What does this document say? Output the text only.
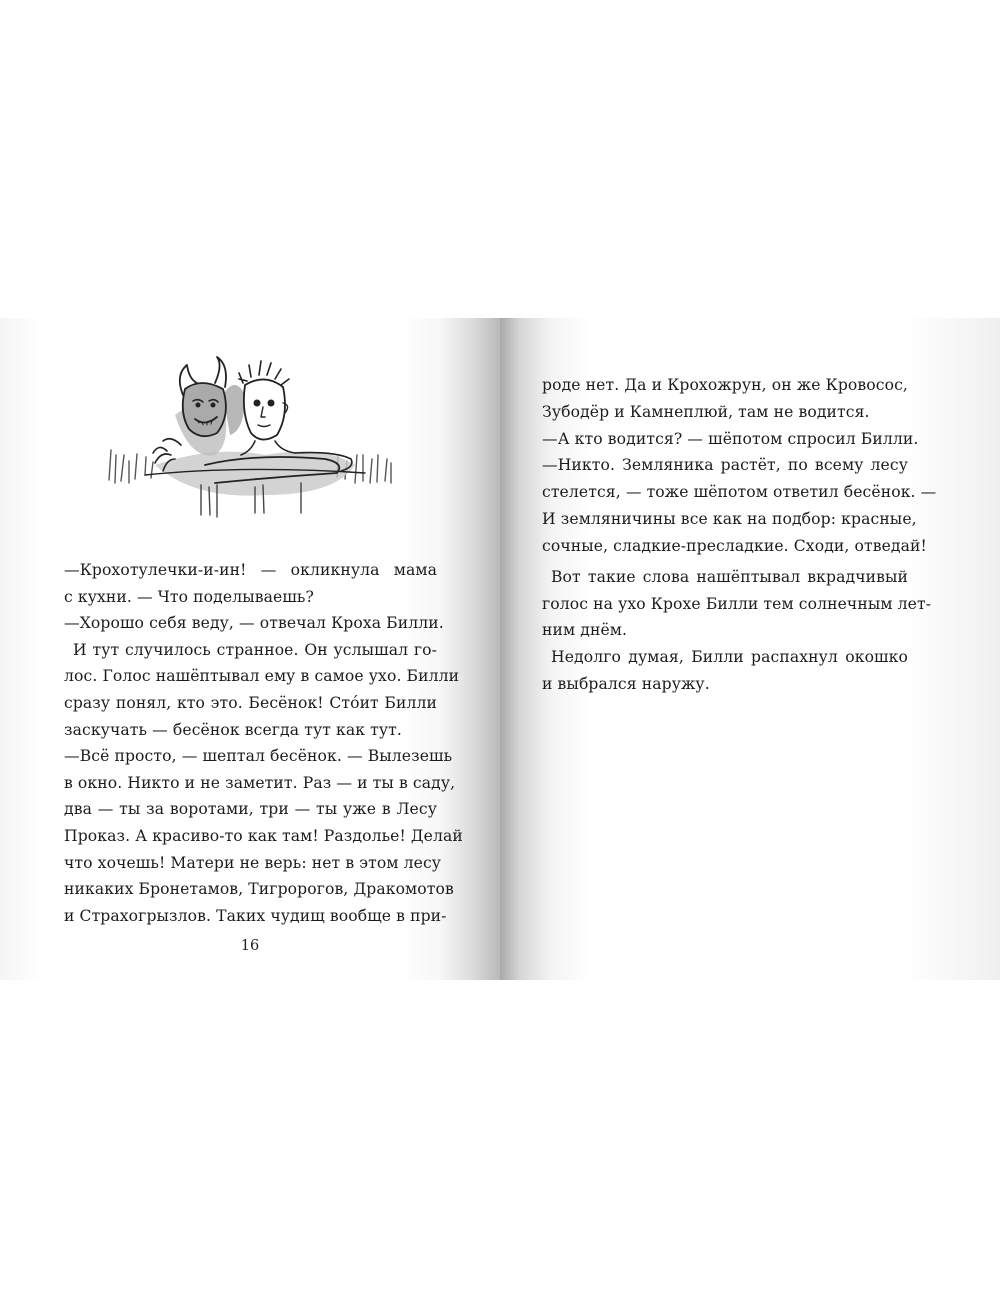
—Крохотулечки-и-ин! — окликнула мама
с кухни. — Что поделываешь?
—Хорошо себя веду, — отвечал Кроха Билли.
И тут случилось странное. Он услышал го-
лос. Голос нашёптывал ему в самое ухо. Билли
сразу понял, кто это. Бесёнок! Стóит Билли
заскучать — бесёнок всегда тут как тут.
—Всё просто, — шептал бесёнок. — Вылезешь
в окно. Никто и не заметит. Раз — и ты в саду,
два — ты за воротами, три — ты уже в Лесу
Проказ. А красиво-то как там! Раздолье! Делай
что хочешь! Матери не верь: нет в этом лесу
никаких Бронетамов, Тигророгов, Дракомотов
и Страхогрызлов. Таких чудищ вообще в при-
роде нет. Да и Крохожрун, он же Кровосос,
Зубодёр и Камнеплюй, там не водится.
—А кто водится? — шёпотом спросил Билли.
—Никто. Земляника растёт, по всему лесу
стелется, — тоже шёпотом ответил бесёнок. —
И земляничины все как на подбор: красные,
сочные, сладкие-пресладкие. Сходи, отведай!
Вот такие слова нашёптывал вкрадчивый
голос на ухо Крохе Билли тем солнечным лет-
ним днём.
Недолго думая, Билли распахнул окошко
и выбрался наружу.
16
